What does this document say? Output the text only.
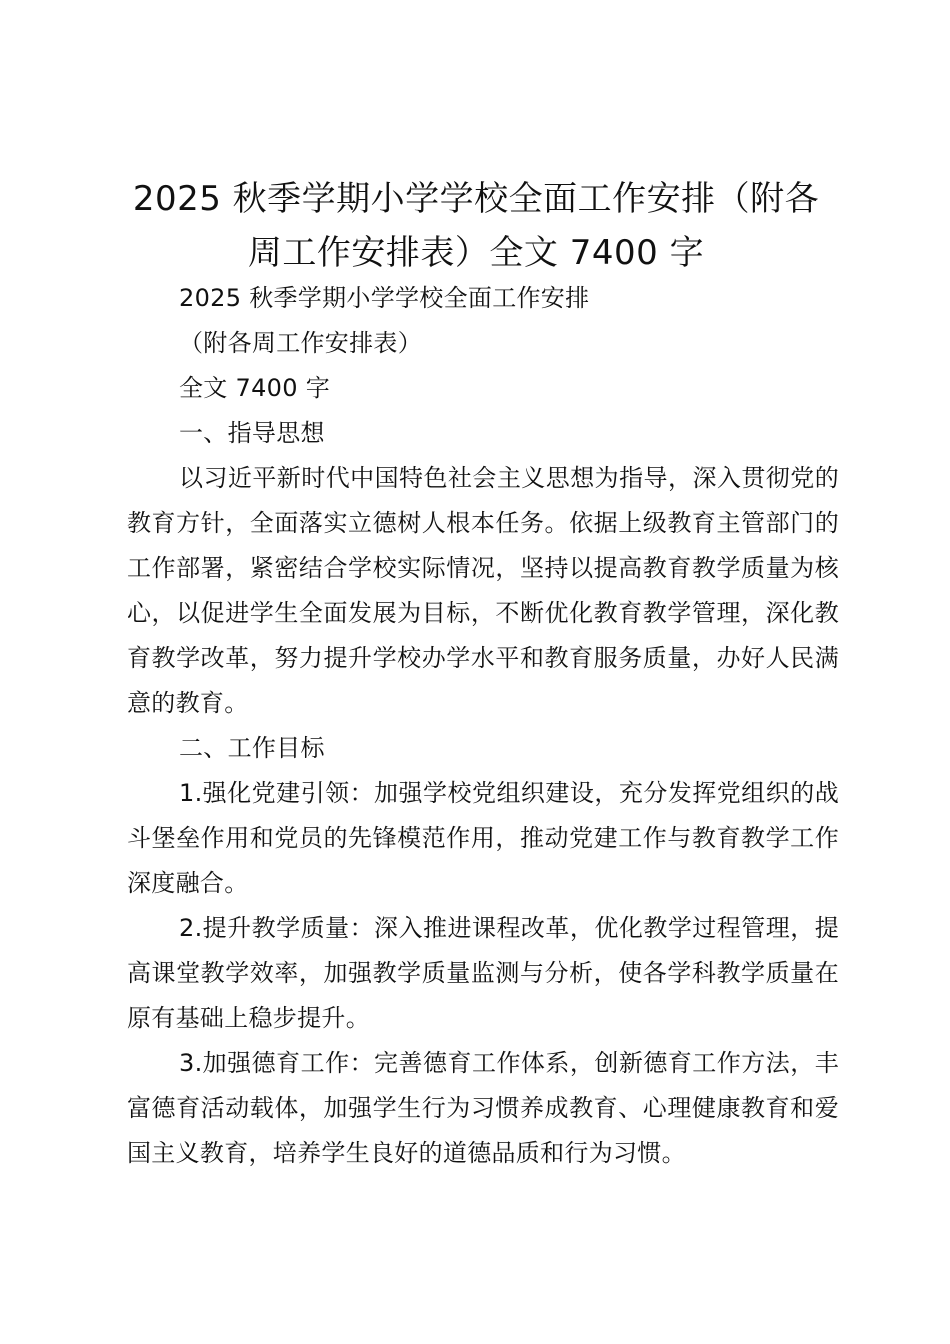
2025 秋季学期小学学校全面工作安排（附各周工作安排表）全文 7400 字

2025 秋季学期小学学校全面工作安排

（附各周工作安排表）

全文 7400 字

一、指导思想

以习近平新时代中国特色社会主义思想为指导，深入贯彻党的教育方针，全面落实立德树人根本任务。依据上级教育主管部门的工作部署，紧密结合学校实际情况，坚持以提高教育教学质量为核心，以促进学生全面发展为目标，不断优化教育教学管理，深化教育教学改革，努力提升学校办学水平和教育服务质量，办好人民满意的教育。

二、工作目标

1.强化党建引领：加强学校党组织建设，充分发挥党组织的战斗堡垒作用和党员的先锋模范作用，推动党建工作与教育教学工作深度融合。

2.提升教学质量：深入推进课程改革，优化教学过程管理，提高课堂教学效率，加强教学质量监测与分析，使各学科教学质量在原有基础上稳步提升。

3.加强德育工作：完善德育工作体系，创新德育工作方法，丰富德育活动载体，加强学生行为习惯养成教育、心理健康教育和爱国主义教育，培养学生良好的道德品质和行为习惯。
